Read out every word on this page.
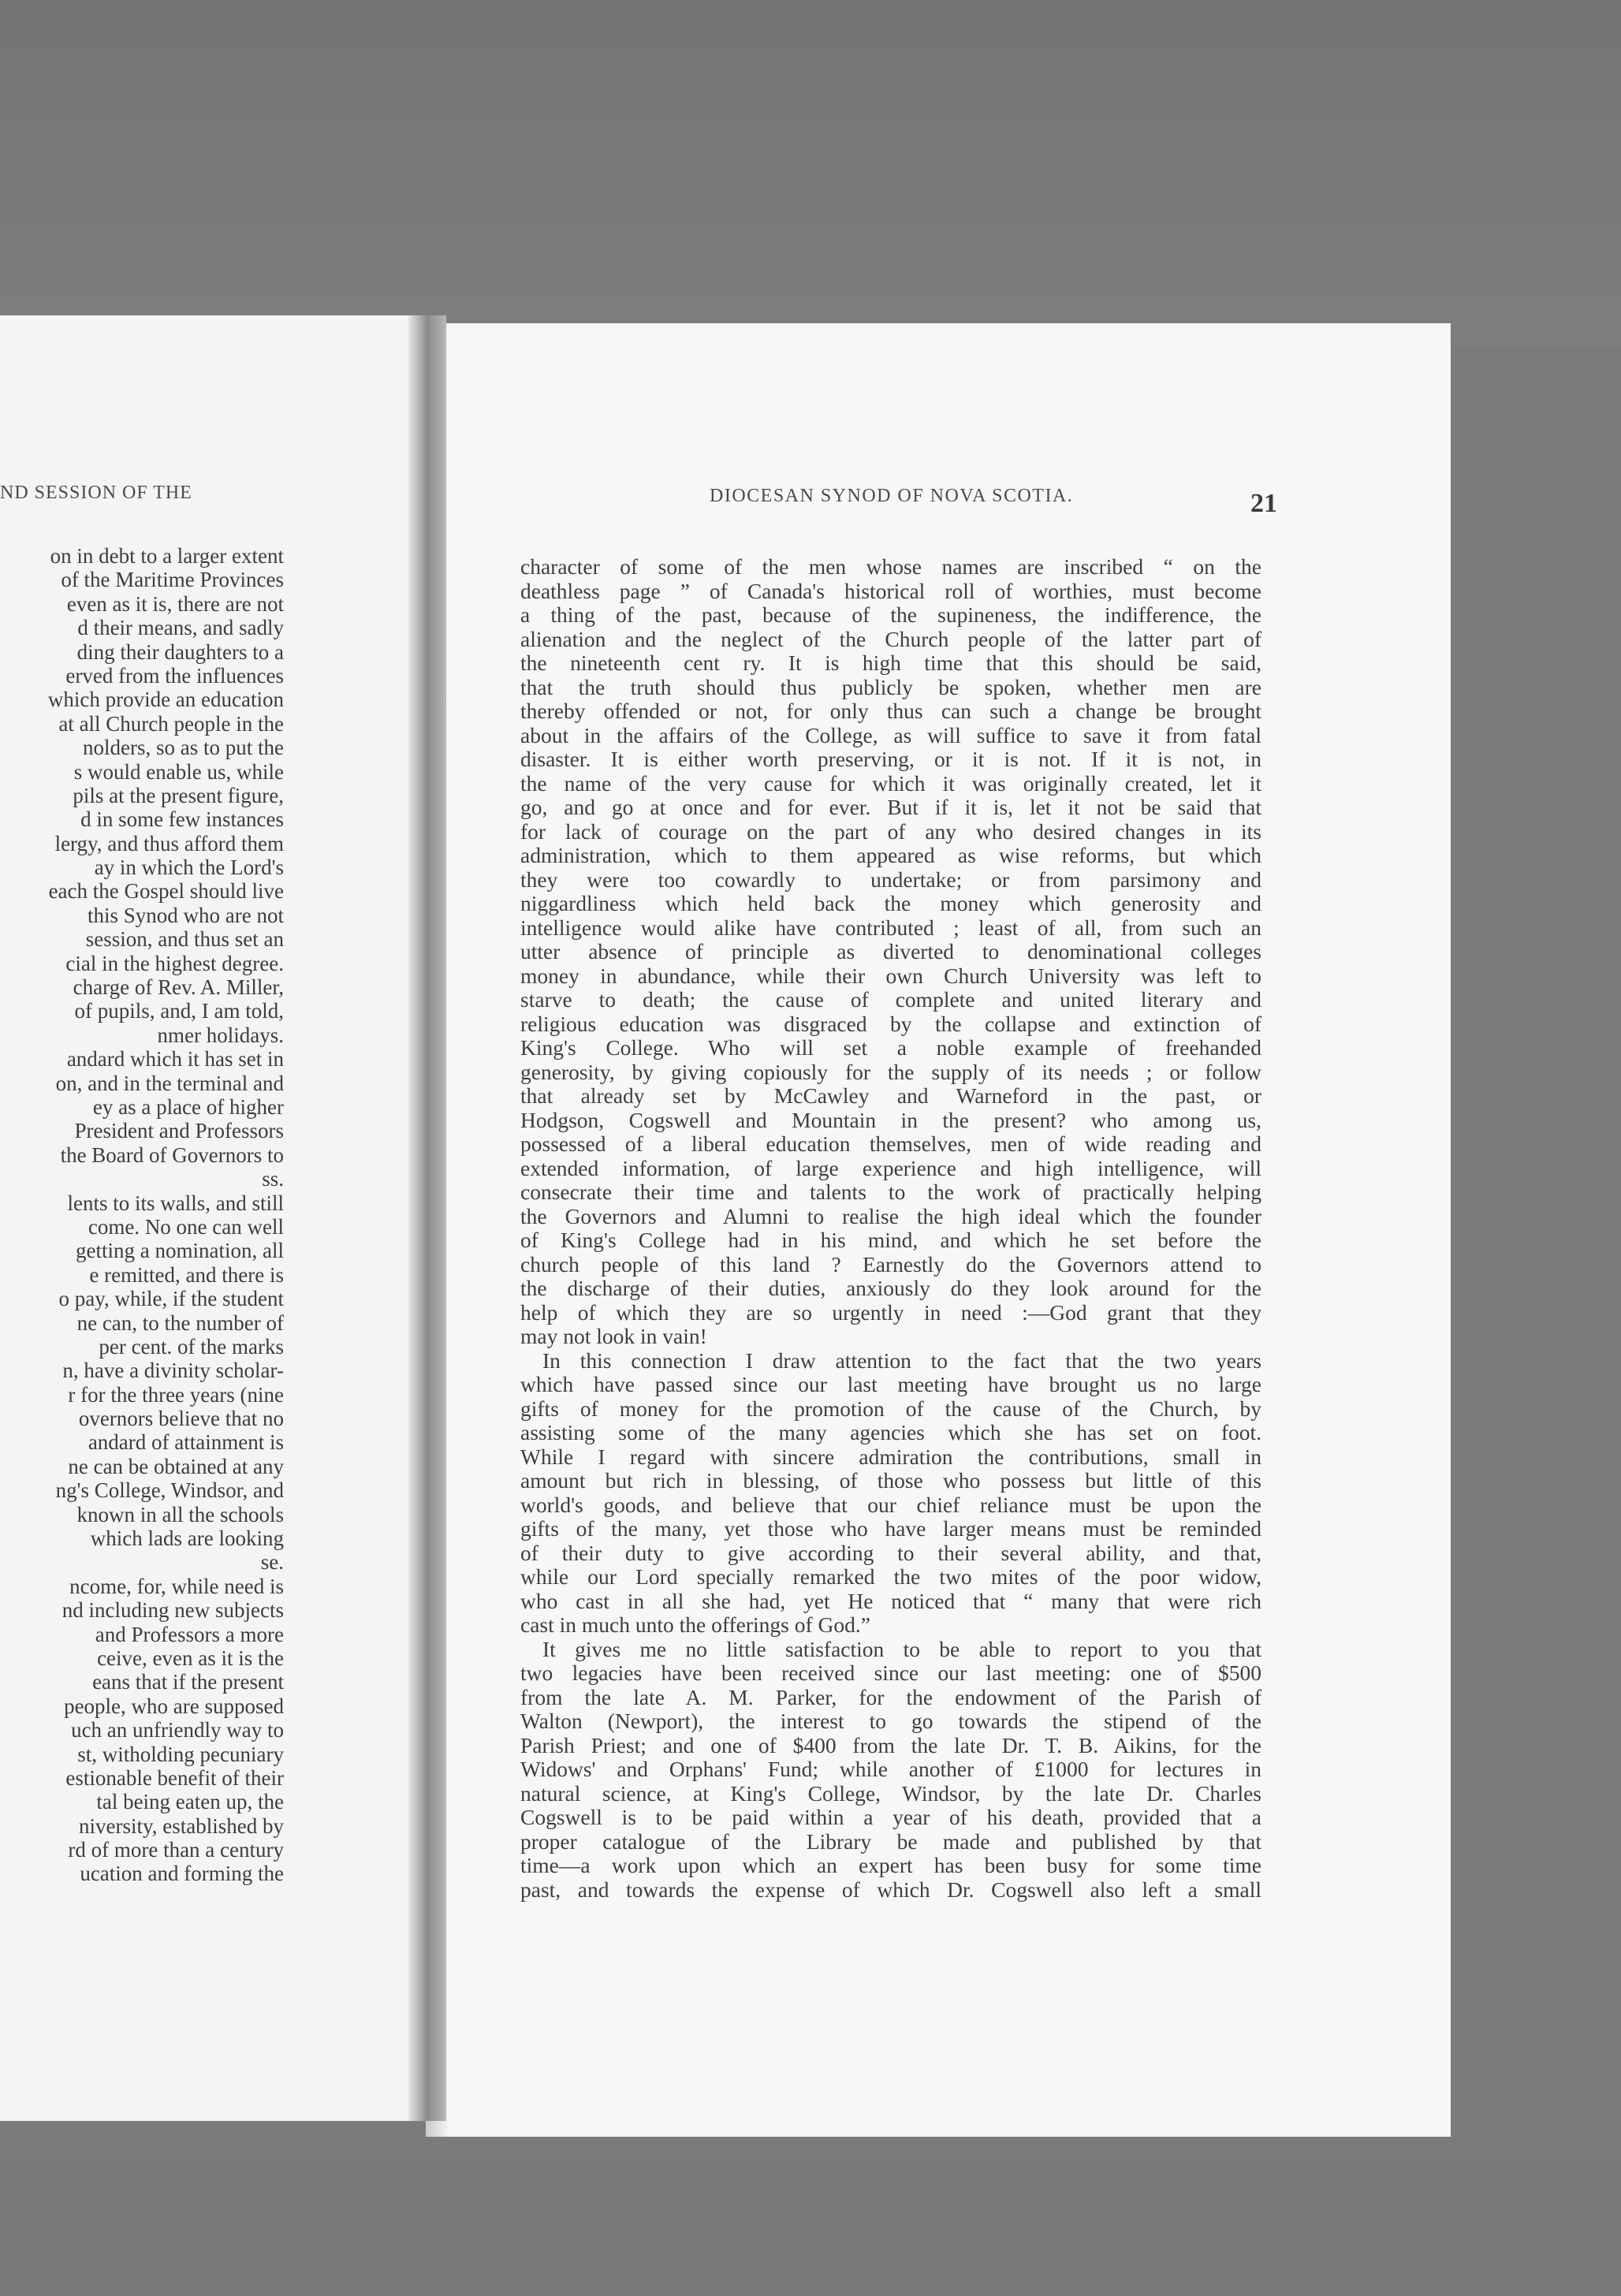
ND SESSION OF THE
on in debt to a larger extent
of the Maritime Provinces
even as it is, there are not
d their means, and sadly
ding their daughters to a
erved from the influences
which provide an education
at all Church people in the
nolders, so as to put the
s would enable us, while
pils at the present figure,
d in some few instances
lergy, and thus afford them
ay in which the Lord's
each the Gospel should live
this Synod who are not
session, and thus set an
cial in the highest degree.
charge of Rev. A. Miller,
of pupils, and, I am told,
nmer holidays.
andard which it has set in
on, and in the terminal and
ey as a place of higher
President and Professors
the Board of Governors to
ss.
lents to its walls, and still
come. No one can well
getting a nomination, all
e remitted, and there is
o pay, while, if the student
ne can, to the number of
per cent. of the marks
n, have a divinity scholar-
r for the three years (nine
overnors believe that no
andard of attainment is
ne can be obtained at any
ng's College, Windsor, and
known in all the schools
which lads are looking
se.
ncome, for, while need is
nd including new subjects
and Professors a more
ceive, even as it is the
eans that if the present
people, who are supposed
uch an unfriendly way to
st, witholding pecuniary
estionable benefit of their
tal being eaten up, the
niversity, established by
rd of more than a century
ucation and forming the
DIOCESAN SYNOD OF NOVA SCOTIA.	21
character of some of the men whose names are inscribed “ on the
deathless page ” of Canada's historical roll of worthies, must become
a thing of the past, because of the supineness, the indifference, the
alienation and the neglect of the Church people of the latter part of
the nineteenth cent ry. It is high time that this should be said,
that the truth should thus publicly be spoken, whether men are
thereby offended or not, for only thus can such a change be brought
about in the affairs of the College, as will suffice to save it from fatal
disaster. It is either worth preserving, or it is not. If it is not, in
the name of the very cause for which it was originally created, let it
go, and go at once and for ever. But if it is, let it not be said that
for lack of courage on the part of any who desired changes in its
administration, which to them appeared as wise reforms, but which
they were too cowardly to undertake; or from parsimony and
niggardliness which held back the money which generosity and
intelligence would alike have contributed ; least of all, from such an
utter absence of principle as diverted to denominational colleges
money in abundance, while their own Church University was left to
starve to death; the cause of complete and united literary and
religious education was disgraced by the collapse and extinction of
King's College. Who will set a noble example of freehanded
generosity, by giving copiously for the supply of its needs ; or follow
that already set by McCawley and Warneford in the past, or
Hodgson, Cogswell and Mountain in the present? who among us,
possessed of a liberal education themselves, men of wide reading and
extended information, of large experience and high intelligence, will
consecrate their time and talents to the work of practically helping
the Governors and Alumni to realise the high ideal which the founder
of King's College had in his mind, and which he set before the
church people of this land ? Earnestly do the Governors attend to
the discharge of their duties, anxiously do they look around for the
help of which they are so urgently in need :—God grant that they
may not look in vain!
In this connection I draw attention to the fact that the two years
which have passed since our last meeting have brought us no large
gifts of money for the promotion of the cause of the Church, by
assisting some of the many agencies which she has set on foot.
While I regard with sincere admiration the contributions, small in
amount but rich in blessing, of those who possess but little of this
world's goods, and believe that our chief reliance must be upon the
gifts of the many, yet those who have larger means must be reminded
of their duty to give according to their several ability, and that,
while our Lord specially remarked the two mites of the poor widow,
who cast in all she had, yet He noticed that “ many that were rich
cast in much unto the offerings of God.”
It gives me no little satisfaction to be able to report to you that
two legacies have been received since our last meeting: one of $500
from the late A. M. Parker, for the endowment of the Parish of
Walton (Newport), the interest to go towards the stipend of the
Parish Priest; and one of $400 from the late Dr. T. B. Aikins, for the
Widows' and Orphans' Fund; while another of £1000 for lectures in
natural science, at King's College, Windsor, by the late Dr. Charles
Cogswell is to be paid within a year of his death, provided that a
proper catalogue of the Library be made and published by that
time—a work upon which an expert has been busy for some time
past, and towards the expense of which Dr. Cogswell also left a small
